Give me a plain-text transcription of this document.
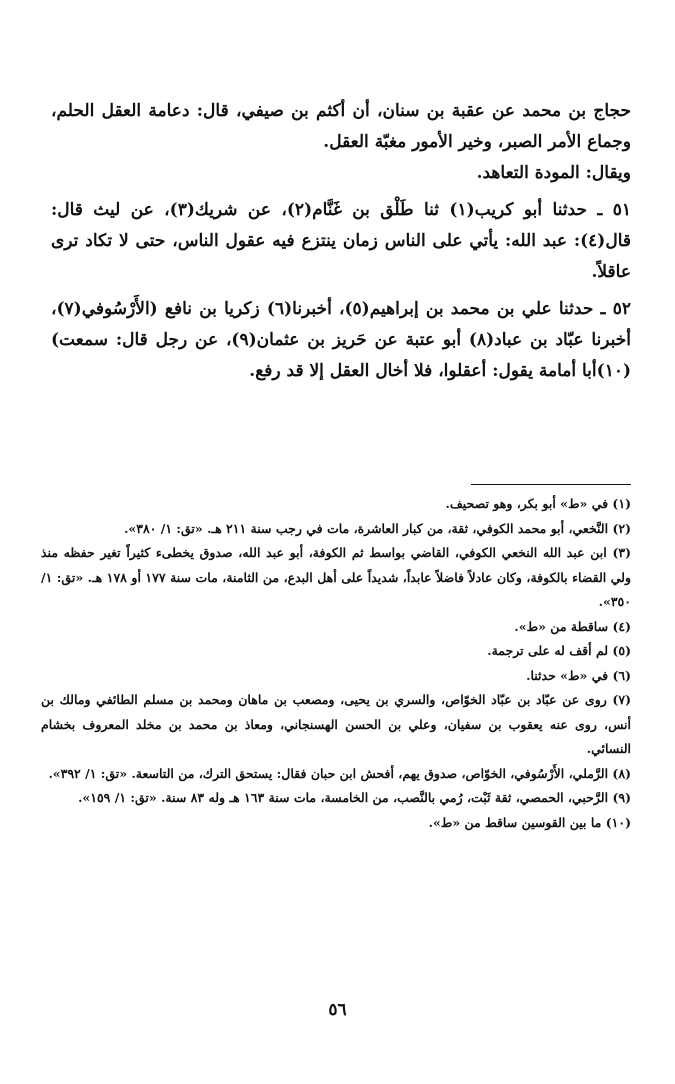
حجاج بن محمد عن عقبة بن سنان، أن أكثم بن صيفي، قال: دعامة العقل الحلم، وجماع الأمر الصبر، وخير الأمور مغبّة العقل.

ويقال: المودة التعاهد.

٥١ ـ حدثنا أبو كريب(١) ثنا طَلْق بن غَنَّام(٢)، عن شريك(٣)، عن ليث قال: قال(٤): عبد الله: يأتي على الناس زمان ينتزع فيه عقول الناس، حتى لا تكاد ترى عاقلاً.

٥٢ ـ حدثنا علي بن محمد بن إبراهيم(٥)، أخبرنا(٦) زكريا بن نافع (الأَرْسُوفي(٧)، أخبرنا عبّاد بن عباد(٨) أبو عتبة عن حَريز بن عثمان(٩)، عن رجل قال: سمعت) (١٠)أبا أمامة يقول: أعقلوا، فلا أخال العقل إلا قد رفع.

(١) في «ط» أبو بكر، وهو تصحيف.

(٢) النَّخعي، أبو محمد الكوفي، ثقة، من كبار العاشرة، مات في رجب سنة ٢١١ هـ. «تق: ١/ ٣٨٠».

(٣) ابن عبد الله النخعي الكوفي، القاضي بواسط ثم الكوفة، أبو عبد الله، صدوق يخطىء كثيراً تغير حفظه منذ ولي القضاء بالكوفة، وكان عادلاً فاضلاً عابداً، شديداً على أهل البدع، من الثامنة، مات سنة ١٧٧ أو ١٧٨ هـ. «تق: ١/ ٣٥٠».

(٤) ساقطة من «ط».

(٥) لم أقف له على ترجمة.

(٦) في «ط» حدثنا.

(٧) روى عن عبّاد بن عبّاد الخوّاص، والسري بن يحيى، ومصعب بن ماهان ومحمد بن مسلم الطائفي ومالك بن أنس، روى عنه يعقوب بن سفيان، وعلي بن الحسن الهسنجاني، ومعاذ بن محمد بن مخلد المعروف بخشام النسائي.

(٨) الرَّملي، الأَرْسُوفي، الخوّاص، صدوق يهم، أفحش ابن حبان فقال: يستحق الترك، من التاسعة. «تق: ١/ ٣٩٢».

(٩) الرَّحبي، الحمصي، ثقة ثَبْت، رُمي بالنَّصب، من الخامسة، مات سنة ١٦٣ هـ وله ٨٣ سنة. «تق: ١/ ١٥٩».

(١٠) ما بين القوسين ساقط من «ط».

٥٦
